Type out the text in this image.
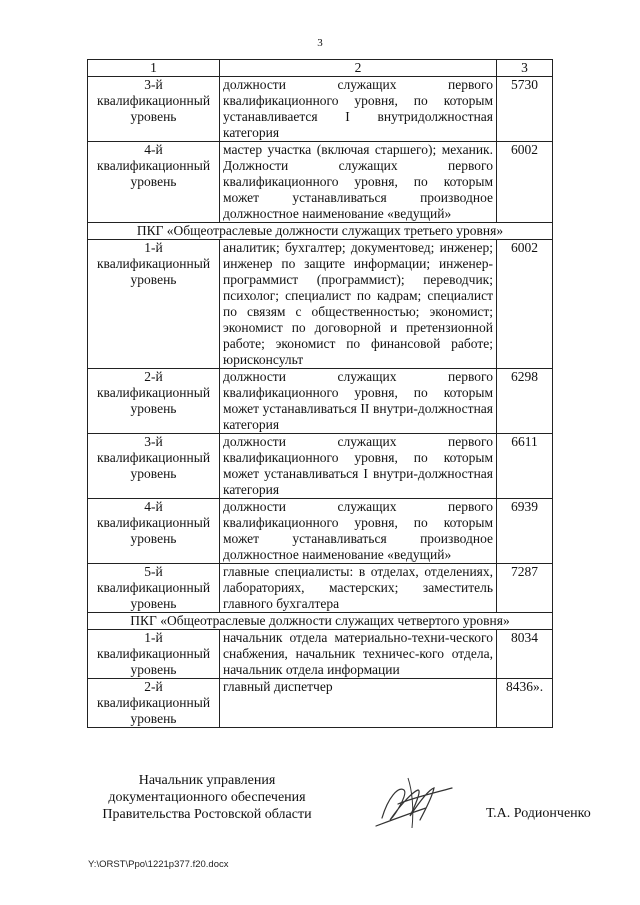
3
1	2	3
3-й квалификационный уровень	должности служащих первого квалификационного уровня, по которым устанавливается I внутридолжностная категория	5730
4-й квалификационный уровень	мастер участка (включая старшего); механик. Должности служащих первого квалификационного уровня, по которым может устанавливаться производное должностное наименование «ведущий»	6002
ПКГ «Общеотраслевые должности служащих третьего уровня»		
1-й квалификационный уровень	аналитик; бухгалтер; документовед; инженер; инженер по защите информации; инженер-программист (программист); переводчик; психолог; специалист по кадрам; специалист по связям с общественностью; экономист; экономист по договорной и претензионной работе; экономист по финансовой работе; юрисконсульт	6002
2-й квалификационный уровень	должности служащих первого квалификационного уровня, по которым может устанавливаться II внутри-должностная категория	6298
3-й квалификационный уровень	должности служащих первого квалификационного уровня, по которым может устанавливаться I внутри-должностная категория	6611
4-й квалификационный уровень	должности служащих первого квалификационного уровня, по которым может устанавливаться производное должностное наименование «ведущий»	6939
5-й квалификационный уровень	главные специалисты: в отделах, отделениях, лабораториях, мастерских; заместитель главного бухгалтера	7287
ПКГ «Общеотраслевые должности служащих четвертого уровня»		
1-й квалификационный уровень	начальник отдела материально-техни-ческого снабжения, начальник техничес-кого отдела, начальник отдела информации	8034
2-й квалификационный уровень	главный диспетчер	8436».
Начальник управления
документационного обеспечения
Правительства Ростовской области	Т.А. Родионченко
Y:\ORST\Ppo\1221p377.f20.docx
